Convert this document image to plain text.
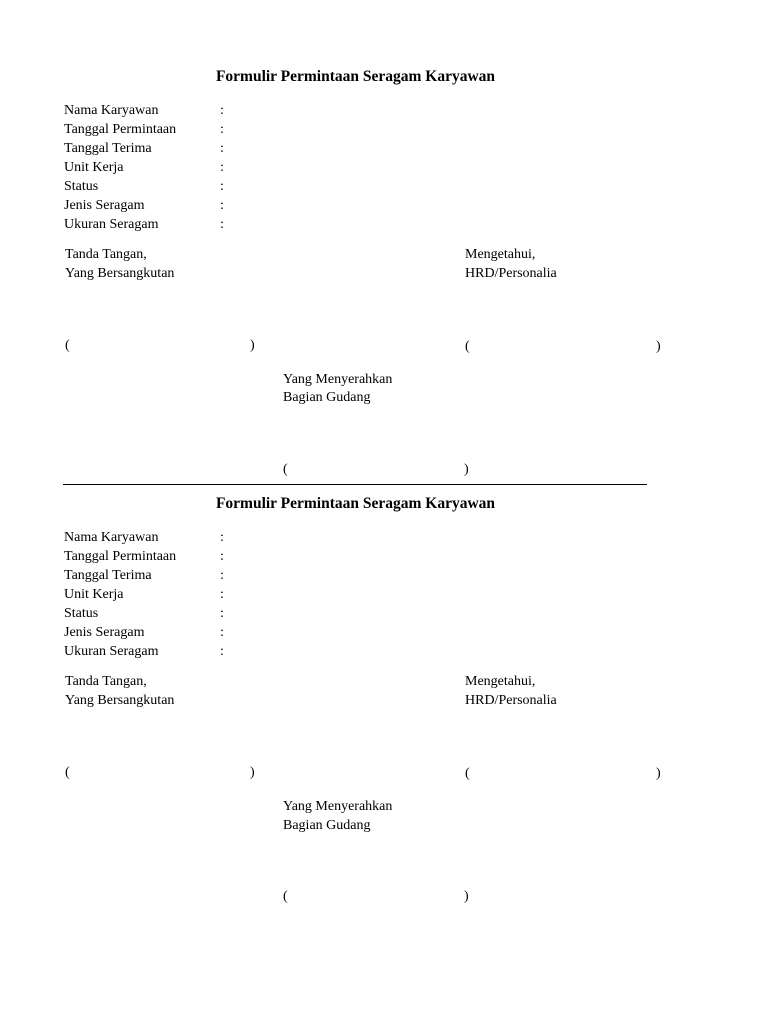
Formulir Permintaan Seragam Karyawan
Nama Karyawan	:
Tanggal Permintaan	:
Tanggal Terima	:
Unit Kerja	:
Status	:
Jenis Seragam	:
Ukuran Seragam	:
Tanda Tangan,
Yang Bersangkutan
(	)
Mengetahui,
HRD/Personalia
(	)
Yang Menyerahkan
Bagian Gudang
(	)
Formulir Permintaan Seragam Karyawan
Nama Karyawan	:
Tanggal Permintaan	:
Tanggal Terima	:
Unit Kerja	:
Status	:
Jenis Seragam	:
Ukuran Seragam	:
Tanda Tangan,
Yang Bersangkutan
(	)
Mengetahui,
HRD/Personalia
(	)
Yang Menyerahkan
Bagian Gudang
(	)
